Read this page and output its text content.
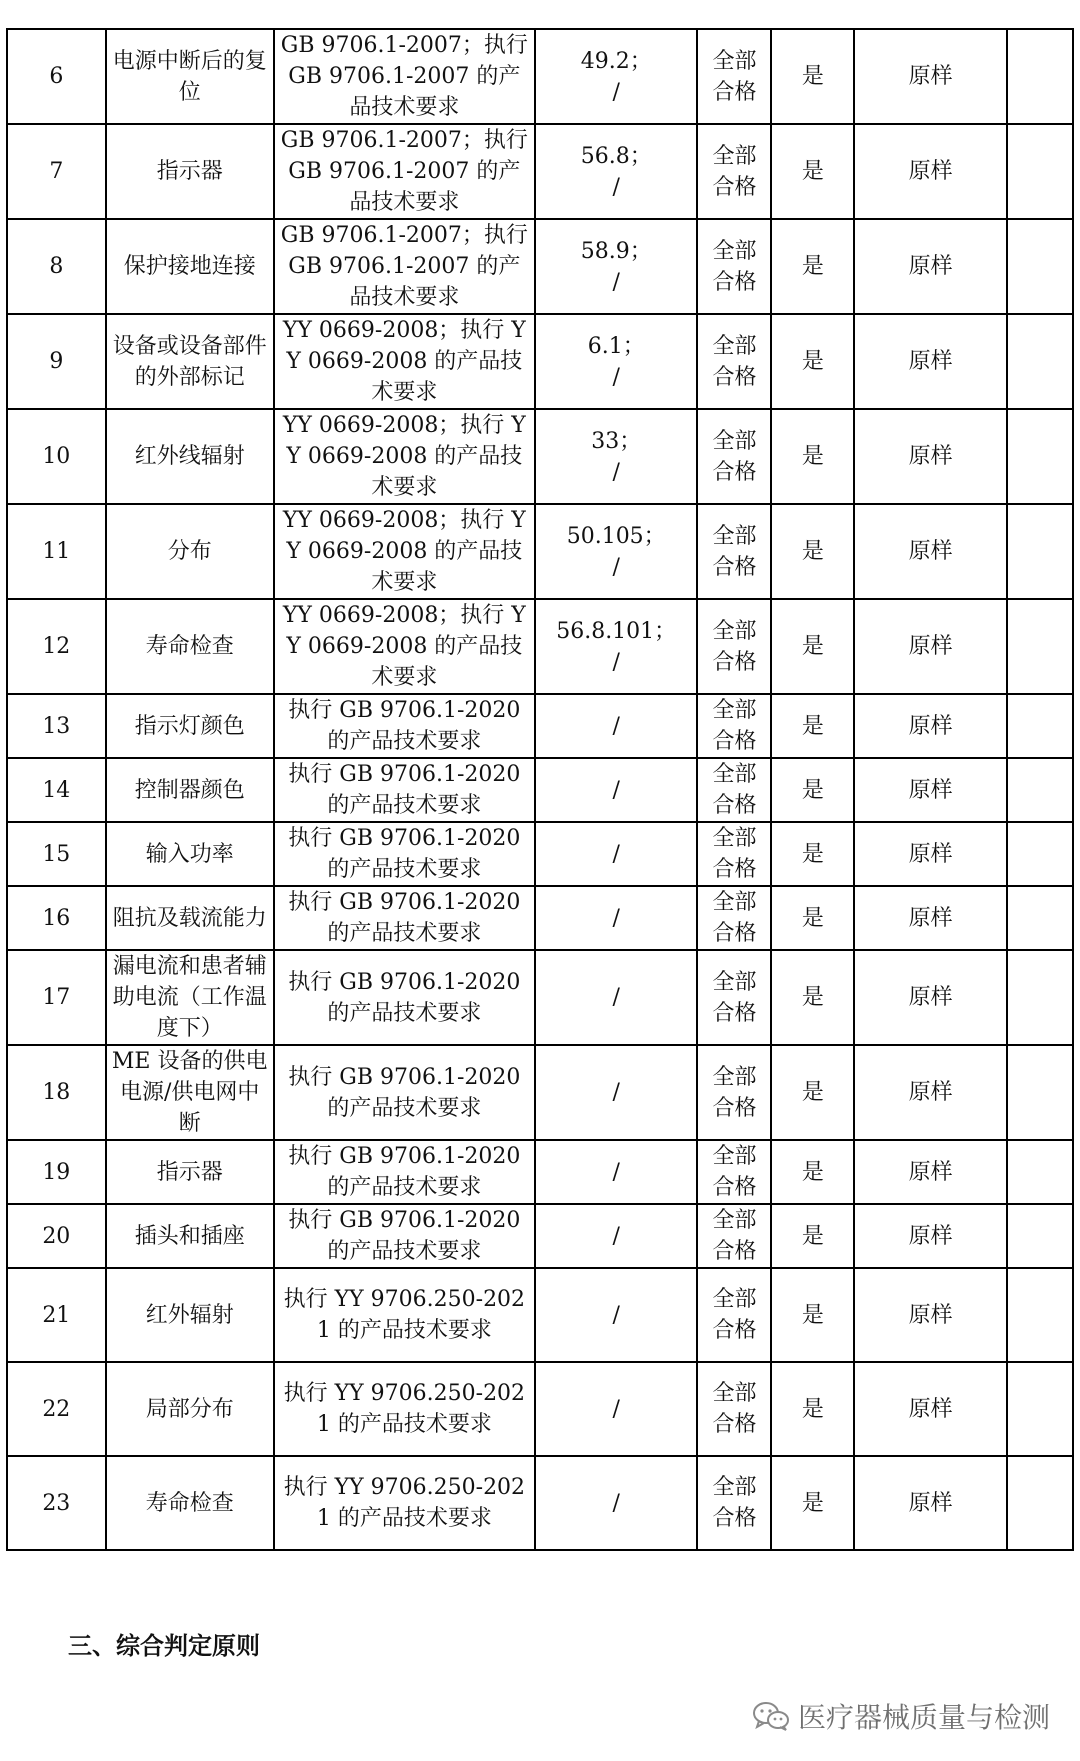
6	电源中断后的复位	GB 9706.1-2007；执行 GB 9706.1-2007 的产品技术要求	49.2；
/	全部合格	是	原样	
7	指示器	GB 9706.1-2007；执行 GB 9706.1-2007 的产品技术要求	56.8；
/	全部合格	是	原样	
8	保护接地连接	GB 9706.1-2007；执行 GB 9706.1-2007 的产品技术要求	58.9；
/	全部合格	是	原样	
9	设备或设备部件的外部标记	YY 0669-2008；执行 YY 0669-2008 的产品技术要求	6.1；
/	全部合格	是	原样	
10	红外线辐射	YY 0669-2008；执行 YY 0669-2008 的产品技术要求	33；
/	全部合格	是	原样	
11	分布	YY 0669-2008；执行 YY 0669-2008 的产品技术要求	50.105；
/	全部合格	是	原样	
12	寿命检查	YY 0669-2008；执行 YY 0669-2008 的产品技术要求	56.8.101；
/	全部合格	是	原样	
13	指示灯颜色	执行 GB 9706.1-2020 的产品技术要求	/	全部合格	是	原样	
14	控制器颜色	执行 GB 9706.1-2020 的产品技术要求	/	全部合格	是	原样	
15	输入功率	执行 GB 9706.1-2020 的产品技术要求	/	全部合格	是	原样	
16	阻抗及载流能力	执行 GB 9706.1-2020 的产品技术要求	/	全部合格	是	原样	
17	漏电流和患者辅助电流（工作温度下）	执行 GB 9706.1-2020 的产品技术要求	/	全部合格	是	原样	
18	ME 设备的供电电源/供电网中断	执行 GB 9706.1-2020 的产品技术要求	/	全部合格	是	原样	
19	指示器	执行 GB 9706.1-2020 的产品技术要求	/	全部合格	是	原样	
20	插头和插座	执行 GB 9706.1-2020 的产品技术要求	/	全部合格	是	原样	
21	红外辐射	执行 YY 9706.250-2021 的产品技术要求	/	全部合格	是	原样	
22	局部分布	执行 YY 9706.250-2021 的产品技术要求	/	全部合格	是	原样	
23	寿命检查	执行 YY 9706.250-2021 的产品技术要求	/	全部合格	是	原样	
三、综合判定原则
医疗器械质量与检测
